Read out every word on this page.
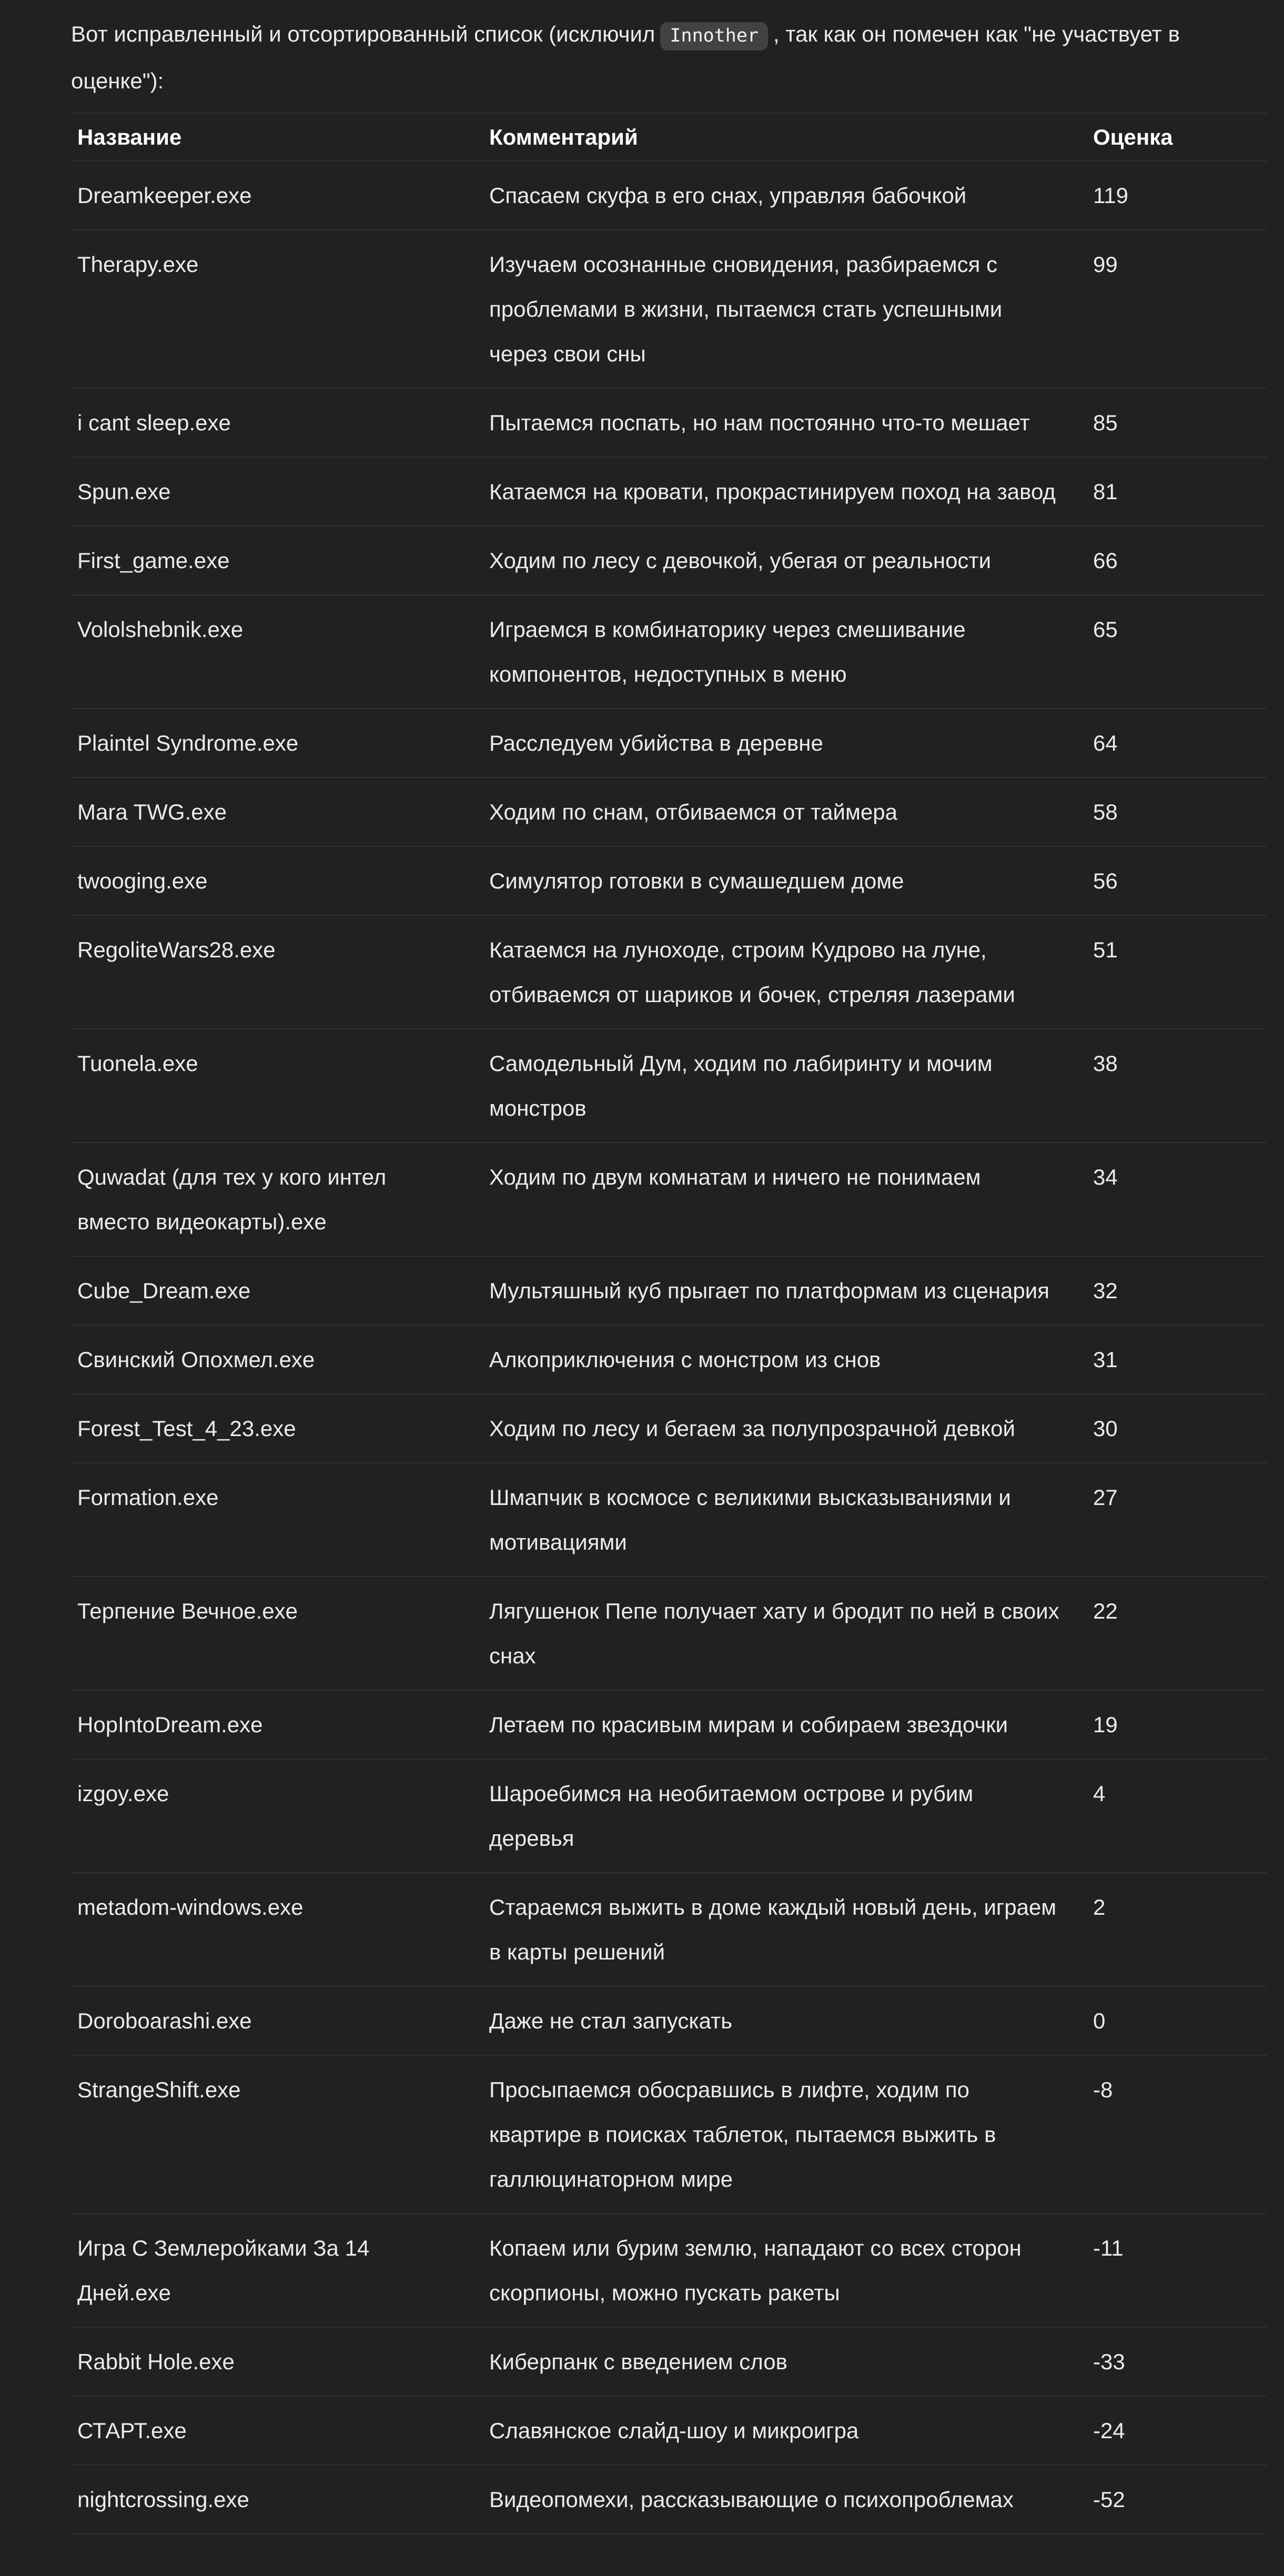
Вот исправленный и отсортированный список (исключил Innother , так как он помечен как "не участвует в оценке"):

Название	Комментарий	Оценка
Dreamkeeper.exe	Спасаем скуфа в его снах, управляя бабочкой	119
Therapy.exe	Изучаем осознанные сновидения, разбираемся с проблемами в жизни, пытаемся стать успешными через свои сны	99
i cant sleep.exe	Пытаемся поспать, но нам постоянно что-то мешает	85
Spun.exe	Катаемся на кровати, прокрастинируем поход на завод	81
First_game.exe	Ходим по лесу с девочкой, убегая от реальности	66
Vololshebnik.exe	Играемся в комбинаторику через смешивание компонентов, недоступных в меню	65
Plaintel Syndrome.exe	Расследуем убийства в деревне	64
Mara TWG.exe	Ходим по снам, отбиваемся от таймера	58
twooging.exe	Симулятор готовки в сумашедшем доме	56
RegoliteWars28.exe	Катаемся на луноходе, строим Кудрово на луне, отбиваемся от шариков и бочек, стреляя лазерами	51
Tuonela.exe	Самодельный Дум, ходим по лабиринту и мочим монстров	38
Quwadat (для тех у кого интел вместо видеокарты).exe	Ходим по двум комнатам и ничего не понимаем	34
Cube_Dream.exe	Мультяшный куб прыгает по платформам из сценария	32
Свинский Опохмел.exe	Алкоприключения с монстром из снов	31
Forest_Test_4_23.exe	Ходим по лесу и бегаем за полупрозрачной девкой	30
Formation.exe	Шмапчик в космосе с великими высказываниями и мотивациями	27
Терпение Вечное.exe	Лягушенок Пепе получает хату и бродит по ней в своих снах	22
HopIntoDream.exe	Летаем по красивым мирам и собираем звездочки	19
izgoy.exe	Шароебимся на необитаемом острове и рубим деревья	4
metadom-windows.exe	Стараемся выжить в доме каждый новый день, играем в карты решений	2
Doroboarashi.exe	Даже не стал запускать	0
StrangeShift.exe	Просыпаемся обосравшись в лифте, ходим по квартире в поисках таблеток, пытаемся выжить в галлюцинаторном мире	-8
Игра С Землеройками За 14 Дней.exe	Копаем или бурим землю, нападают со всех сторон скорпионы, можно пускать ракеты	-11
Rabbit Hole.exe	Киберпанк с введением слов	-33
СТАРТ.exe	Славянское слайд-шоу и микроигра	-24
nightcrossing.exe	Видеопомехи, рассказывающие о психопроблемах	-52
